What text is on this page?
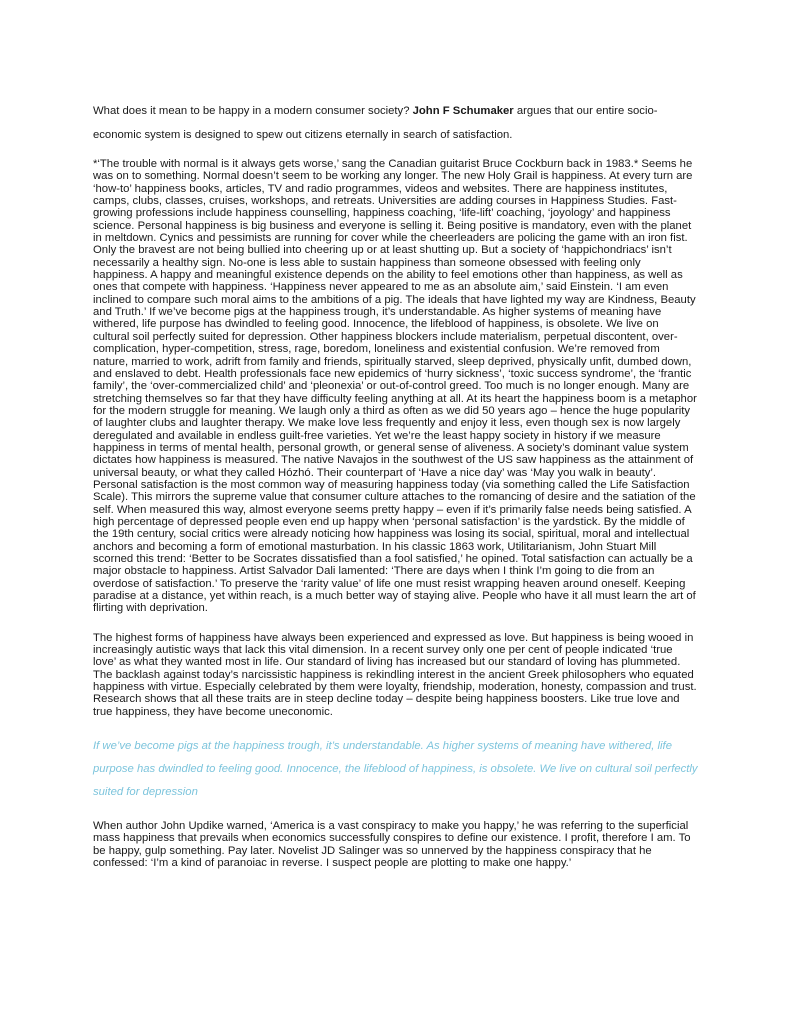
What does it mean to be happy in a modern consumer society? John F Schumaker argues that our entire socio-economic system is designed to spew out citizens eternally in search of satisfaction.

*‘The trouble with normal is it always gets worse,’ sang the Canadian guitarist Bruce Cockburn back in 1983.* Seems he was on to something. Normal doesn’t seem to be working any longer. The new Holy Grail is happiness. At every turn are ‘how-to’ happiness books, articles, TV and radio programmes, videos and websites. There are happiness institutes, camps, clubs, classes, cruises, workshops, and retreats. Universities are adding courses in Happiness Studies. Fast-growing professions include happiness counselling, happiness coaching, ‘life-lift’ coaching, ‘joyology’ and happiness science. Personal happiness is big business and everyone is selling it. Being positive is mandatory, even with the planet in meltdown. Cynics and pessimists are running for cover while the cheerleaders are policing the game with an iron fist. Only the bravest are not being bullied into cheering up or at least shutting up. But a society of ‘happichondriacs’ isn’t necessarily a healthy sign. No-one is less able to sustain happiness than someone obsessed with feeling only happiness. A happy and meaningful existence depends on the ability to feel emotions other than happiness, as well as ones that compete with happiness. ‘Happiness never appeared to me as an absolute aim,’ said Einstein. ‘I am even inclined to compare such moral aims to the ambitions of a pig. The ideals that have lighted my way are Kindness, Beauty and Truth.’ If we’ve become pigs at the happiness trough, it’s understandable. As higher systems of meaning have withered, life purpose has dwindled to feeling good. Innocence, the lifeblood of happiness, is obsolete. We live on cultural soil perfectly suited for depression. Other happiness blockers include materialism, perpetual discontent, over-complication, hyper-competition, stress, rage, boredom, loneliness and existential confusion. We’re removed from nature, married to work, adrift from family and friends, spiritually starved, sleep deprived, physically unfit, dumbed down, and enslaved to debt. Health professionals face new epidemics of ‘hurry sickness’, ‘toxic success syndrome’, the ‘frantic family’, the ‘over-commercialized child’ and ‘pleonexia’ or out-of-control greed. Too much is no longer enough. Many are stretching themselves so far that they have difficulty feeling anything at all. At its heart the happiness boom is a metaphor for the modern struggle for meaning. We laugh only a third as often as we did 50 years ago – hence the huge popularity of laughter clubs and laughter therapy. We make love less frequently and enjoy it less, even though sex is now largely deregulated and available in endless guilt-free varieties. Yet we’re the least happy society in history if we measure happiness in terms of mental health, personal growth, or general sense of aliveness. A society’s dominant value system dictates how happiness is measured. The native Navajos in the southwest of the US saw happiness as the attainment of universal beauty, or what they called Hózhó. Their counterpart of ‘Have a nice day’ was ‘May you walk in beauty’. Personal satisfaction is the most common way of measuring happiness today (via something called the Life Satisfaction Scale). This mirrors the supreme value that consumer culture attaches to the romancing of desire and the satiation of the self. When measured this way, almost everyone seems pretty happy – even if it’s primarily false needs being satisfied. A high percentage of depressed people even end up happy when ‘personal satisfaction’ is the yardstick. By the middle of the 19th century, social critics were already noticing how happiness was losing its social, spiritual, moral and intellectual anchors and becoming a form of emotional masturbation. In his classic 1863 work, Utilitarianism, John Stuart Mill scorned this trend: ‘Better to be Socrates dissatisfied than a fool satisfied,’ he opined. Total satisfaction can actually be a major obstacle to happiness. Artist Salvador Dali lamented: ‘There are days when I think I’m going to die from an overdose of satisfaction.’ To preserve the ‘rarity value’ of life one must resist wrapping heaven around oneself. Keeping paradise at a distance, yet within reach, is a much better way of staying alive. People who have it all must learn the art of flirting with deprivation.

The highest forms of happiness have always been experienced and expressed as love. But happiness is being wooed in increasingly autistic ways that lack this vital dimension. In a recent survey only one per cent of people indicated ‘true love’ as what they wanted most in life. Our standard of living has increased but our standard of loving has plummeted. The backlash against today’s narcissistic happiness is rekindling interest in the ancient Greek philosophers who equated happiness with virtue. Especially celebrated by them were loyalty, friendship, moderation, honesty, compassion and trust. Research shows that all these traits are in steep decline today – despite being happiness boosters. Like true love and true happiness, they have become uneconomic.

If we’ve become pigs at the happiness trough, it’s understandable. As higher systems of meaning have withered, life purpose has dwindled to feeling good. Innocence, the lifeblood of happiness, is obsolete. We live on cultural soil perfectly suited for depression

When author John Updike warned, ‘America is a vast conspiracy to make you happy,’ he was referring to the superficial mass happiness that prevails when economics successfully conspires to define our existence. I profit, therefore I am. To be happy, gulp something. Pay later. Novelist JD Salinger was so unnerved by the happiness conspiracy that he confessed: ‘I’m a kind of paranoiac in reverse. I suspect people are plotting to make one happy.’
